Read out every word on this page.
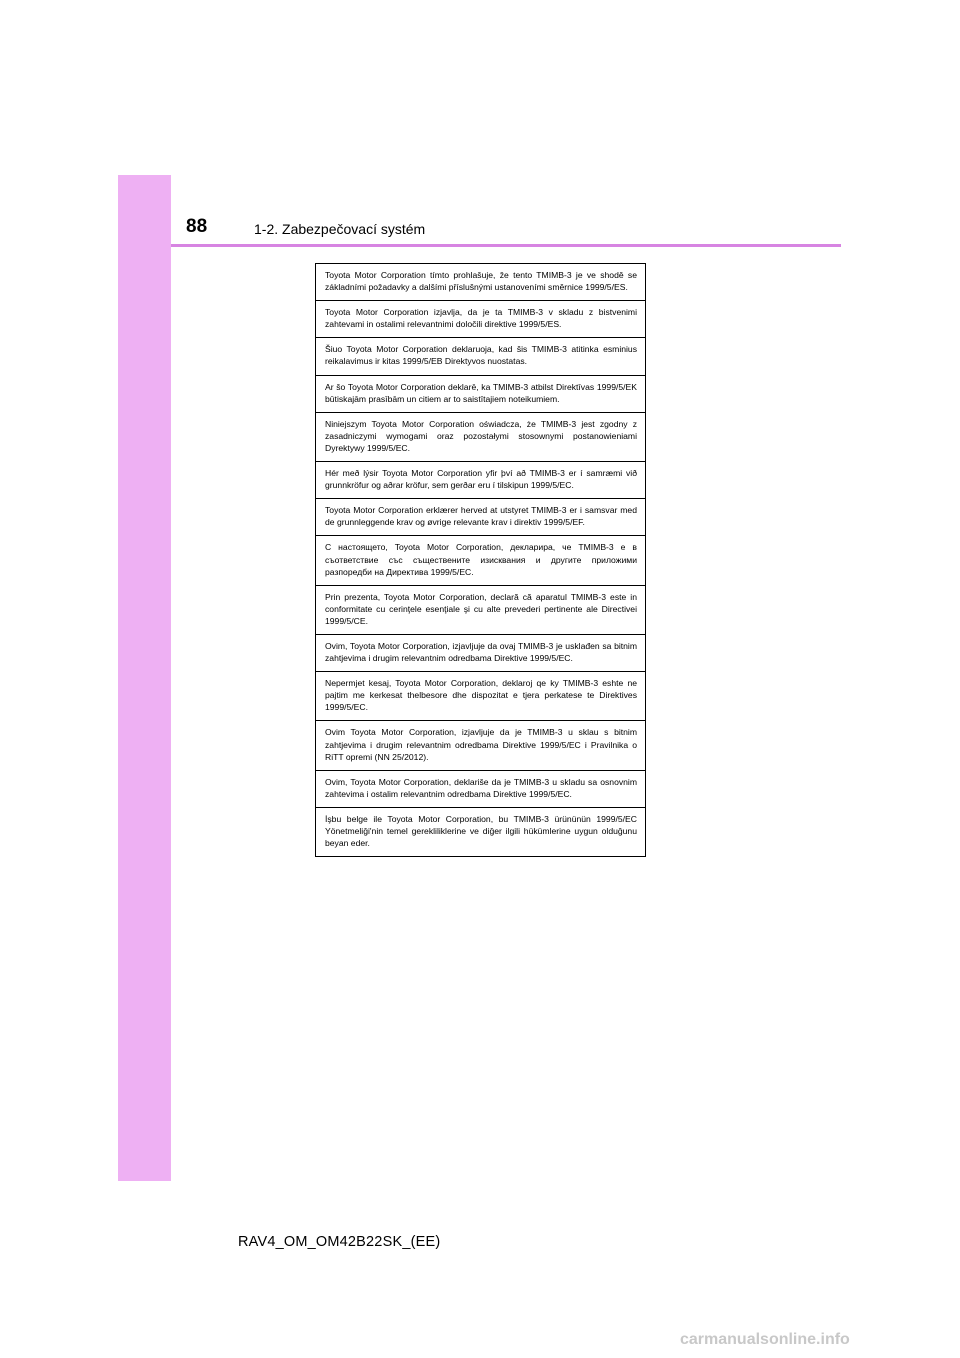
88	1-2. Zabezpečovací systém
Toyota Motor Corporation tímto prohlašuje, že tento TMIMB-3 je ve shodě se základními požadavky a dalšími příslušnými ustanoveními směrnice 1999/5/ES.
Toyota Motor Corporation izjavlja, da je ta TMIMB-3 v skladu z bistvenimi zahtevami in ostalimi relevantnimi določili direktive 1999/5/ES.
Šiuo Toyota Motor Corporation deklaruoja, kad šis TMIMB-3 atitinka esminius reikalavimus ir kitas 1999/5/EB Direktyvos nuostatas.
Ar šo Toyota Motor Corporation deklarē, ka TMIMB-3 atbilst Direktīvas 1999/5/EK būtiskajām prasībām un citiem ar to saistītajiem noteikumiem.
Niniejszym Toyota Motor Corporation oświadcza, że TMIMB-3 jest zgodny z zasadniczymi wymogami oraz pozostałymi stosownymi postanowieniami Dyrektywy 1999/5/EC.
Hér með lýsir Toyota Motor Corporation yfir því að TMIMB-3 er í samræmi við grunnkröfur og aðrar kröfur, sem gerðar eru í tilskipun 1999/5/EC.
Toyota Motor Corporation erklærer herved at utstyret TMIMB-3 er i samsvar med de grunnleggende krav og øvrige relevante krav i direktiv 1999/5/EF.
С настоящето, Toyota Motor Corporation, декларира, че TMIMB-3 е в съответствие със съществените изисквания и другите приложими разпоредби на Директива 1999/5/ЕС.
Prin prezenta, Toyota Motor Corporation, declară că aparatul TMIMB-3 este in conformitate cu cerinţele esenţiale şi cu alte prevederi pertinente ale Directivei 1999/5/CE.
Ovim, Toyota Motor Corporation, izjavljuje da ovaj TMIMB-3 je usklađen sa bitnim zahtjevima i drugim relevantnim odredbama Direktive 1999/5/EC.
Nepermjet kesaj, Toyota Motor Corporation, deklaroj qe ky TMIMB-3 eshte ne pajtim me kerkesat thelbesore dhe dispozitat e tjera perkatese te Direktives 1999/5/EC.
Ovim Toyota Motor Corporation, izjavljuje da je TMIMB-3 u sklau s bitnim zahtjevima i drugim relevantnim odredbama Direktive 1999/5/EC i Pravilnika o RiTT opremi (NN 25/2012).
Ovim, Toyota Motor Corporation, deklariše da je TMIMB-3 u skladu sa osnovnim zahtevima i ostalim relevantnim odredbama Direktive 1999/5/EC.
İşbu belge ile Toyota Motor Corporation, bu TMIMB-3 ürününün 1999/5/EC Yönetmeliği'nin temel gerekliliklerine ve diğer ilgili hükümlerine uygun olduğunu beyan eder.
RAV4_OM_OM42B22SK_(EE)
carmanualsonline.info
